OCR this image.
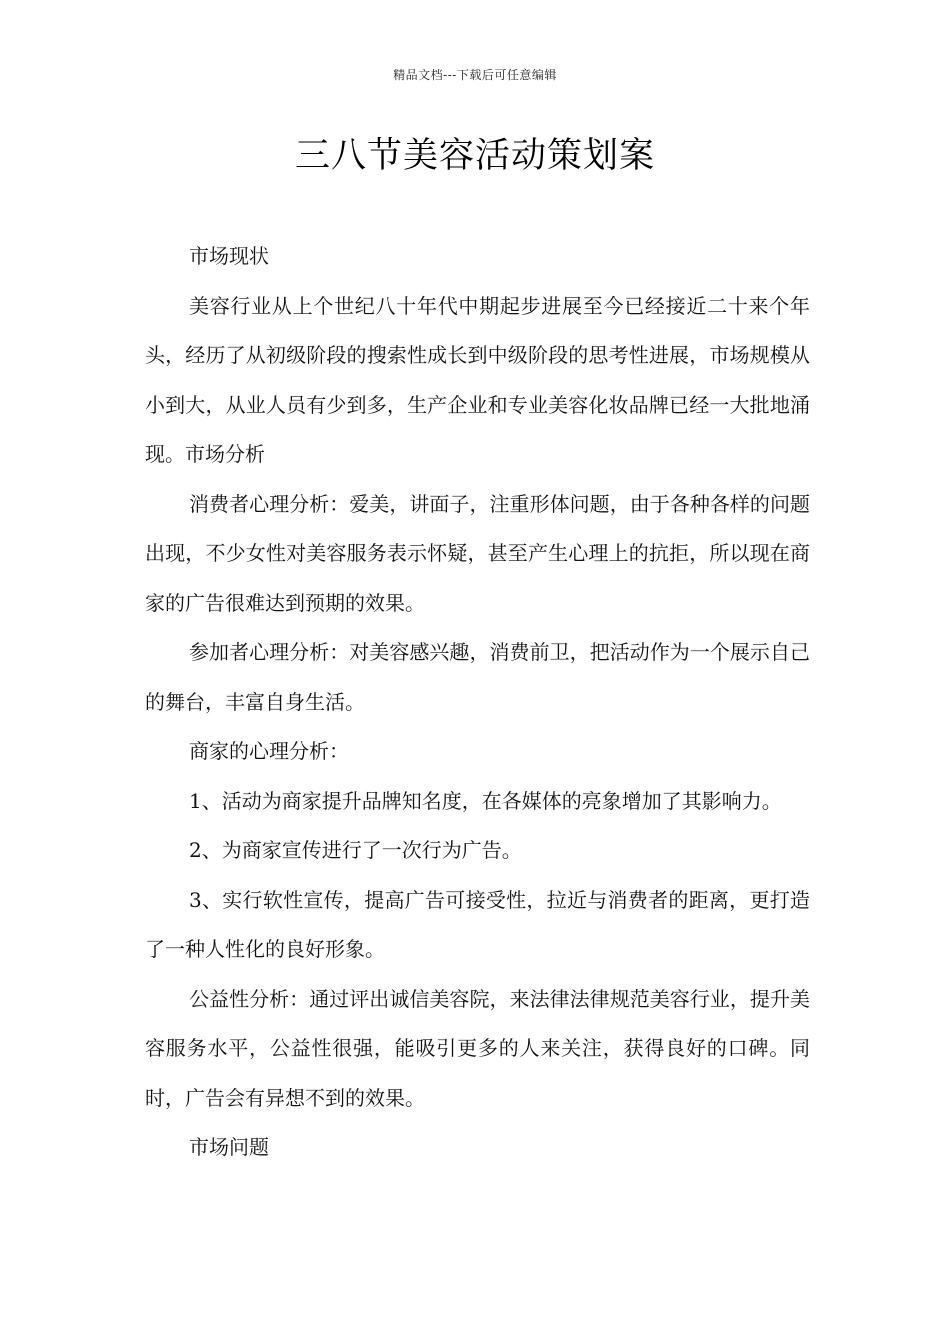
精品文档---下载后可任意编辑
三八节美容活动策划案

市场现状

美容行业从上个世纪八十年代中期起步进展至今已经接近二十来个年头，经历了从初级阶段的搜索性成长到中级阶段的思考性进展，市场规模从小到大，从业人员有少到多，生产企业和专业美容化妆品牌已经一大批地涌现。市场分析

消费者心理分析：爱美，讲面子，注重形体问题，由于各种各样的问题出现，不少女性对美容服务表示怀疑，甚至产生心理上的抗拒，所以现在商家的广告很难达到预期的效果。

参加者心理分析：对美容感兴趣，消费前卫，把活动作为一个展示自己的舞台，丰富自身生活。

商家的心理分析：

1、活动为商家提升品牌知名度，在各媒体的亮象增加了其影响力。

2、为商家宣传进行了一次行为广告。

3、实行软性宣传，提高广告可接受性，拉近与消费者的距离，更打造了一种人性化的良好形象。

公益性分析：通过评出诚信美容院，来法律法律规范美容行业，提升美容服务水平，公益性很强，能吸引更多的人来关注，获得良好的口碑。同时，广告会有异想不到的效果。

市场问题
